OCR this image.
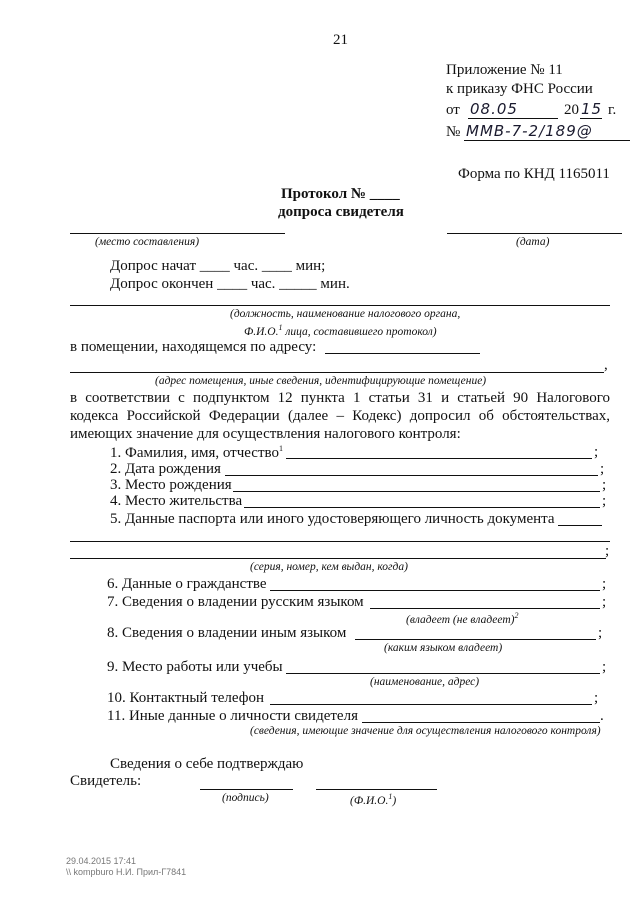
21
Приложение № 11
к приказу ФНС России
от 08.05	20 15 г.
№ ММВ-7-2/189@
Форма по КНД 1165011
Протокол № ____
допроса свидетеля
(место составления)	(дата)
Допрос начат ____ час. ____ мин;
Допрос окончен ____ час. _____ мин.
(должность, наименование налогового органа,
Ф.И.О.$^1$ лица, составившего протокол)
в помещении, находящемся по адресу:
,
(адрес помещения, иные сведения, идентифицирующие помещение)
в соответствии с подпунктом 12 пункта 1 статьи 31 и статьей 90 Налогового
кодекса Российской Федерации (далее – Кодекс) допросил об обстоятельствах,
имеющих значение для осуществления налогового контроля:
1. Фамилия, имя, отчество$^1$	;
2. Дата рождения	;
3. Место рождения	;
4. Место жительства	;
5. Данные паспорта или иного удостоверяющего личность документа
;
(серия, номер, кем выдан, когда)
6. Данные о гражданстве	;
7. Сведения о владении русским языком	;
(владеет (не владеет)$^2$
8. Сведения о владении иным языком	;
(каким языком владеет)
9. Место работы или учебы	;
(наименование, адрес)
10. Контактный телефон	;
11. Иные данные о личности свидетеля	.
(сведения, имеющие значение для осуществления налогового контроля)
Сведения о себе подтверждаю
Свидетель:
(подпись)	(Ф.И.О.$^1$)
29.04.2015 17:41
\\ kompburo Н.И. Прил-Г7841
